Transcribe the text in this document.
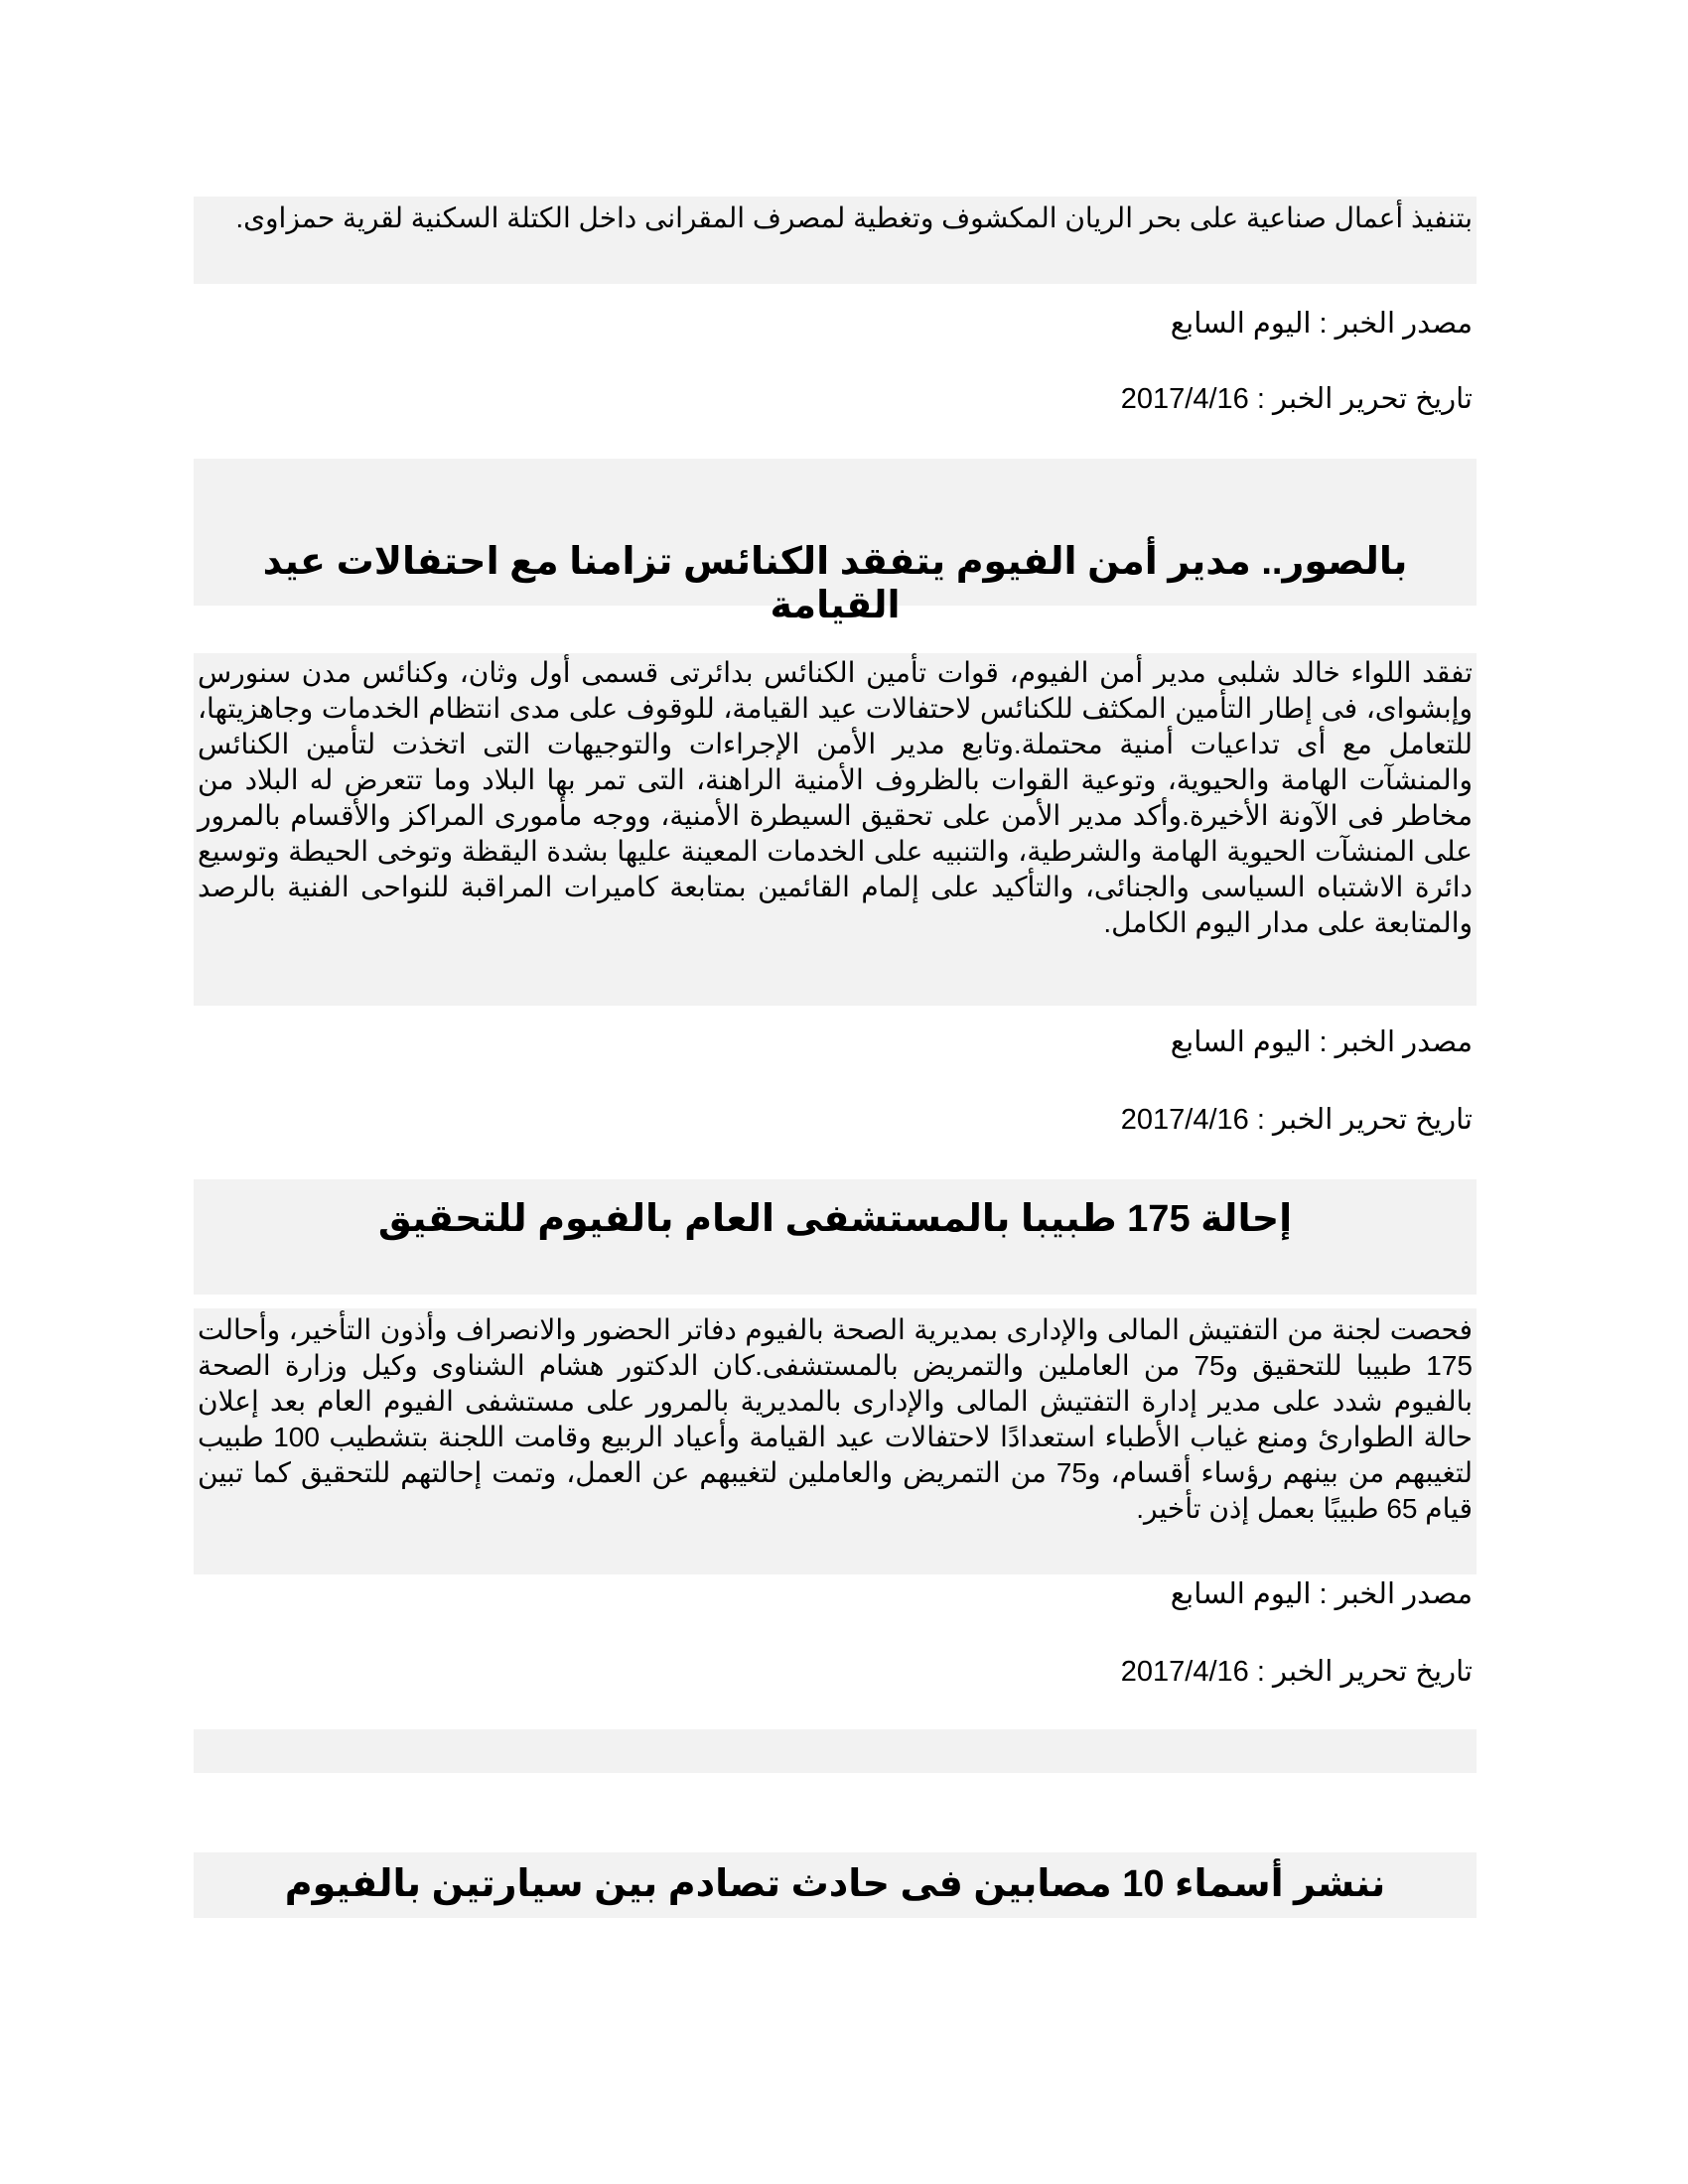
بتنفيذ أعمال صناعية على بحر الريان المكشوف وتغطية لمصرف المقرانى داخل الكتلة السكنية لقرية حمزاوى.
مصدر الخبر : اليوم السابع
تاريخ تحرير الخبر : 2017/4/16
بالصور.. مدير أمن الفيوم يتفقد الكنائس تزامنا مع احتفالات عيد القيامة
تفقد اللواء خالد شلبى مدير أمن الفيوم، قوات تأمين الكنائس بدائرتى قسمى أول وثان، وكنائس مدن سنورس وإبشواى، فى إطار التأمين المكثف للكنائس لاحتفالات عيد القيامة، للوقوف على مدى انتظام الخدمات وجاهزيتها، للتعامل مع أى تداعيات أمنية محتملة.وتابع مدير الأمن الإجراءات والتوجيهات التى اتخذت لتأمين الكنائس والمنشآت الهامة والحيوية، وتوعية القوات بالظروف الأمنية الراهنة، التى تمر بها البلاد وما تتعرض له البلاد من مخاطر فى الآونة الأخيرة.وأكد مدير الأمن على تحقيق السيطرة الأمنية، ووجه مأمورى المراكز والأقسام بالمرور على المنشآت الحيوية الهامة والشرطية، والتنبيه على الخدمات المعينة عليها بشدة اليقظة وتوخى الحيطة وتوسيع دائرة الاشتباه السياسى والجنائى، والتأكيد على إلمام القائمين بمتابعة كاميرات المراقبة للنواحى الفنية بالرصد والمتابعة على مدار اليوم الكامل.
مصدر الخبر : اليوم السابع
تاريخ تحرير الخبر : 2017/4/16
إحالة 175 طبيبا بالمستشفى العام بالفيوم للتحقيق
فحصت لجنة من التفتيش المالى والإدارى بمديرية الصحة بالفيوم دفاتر الحضور والانصراف وأذون التأخير، وأحالت 175 طبيبا للتحقيق و75 من العاملين والتمريض بالمستشفى.كان الدكتور هشام الشناوى وكيل وزارة الصحة بالفيوم شدد على مدير إدارة التفتيش المالى والإدارى بالمديرية بالمرور على مستشفى الفيوم العام بعد إعلان حالة الطوارئ ومنع غياب الأطباء استعدادًا لاحتفالات عيد القيامة وأعياد الربيع وقامت اللجنة بتشطيب 100 طبيب لتغيبهم من بينهم رؤساء أقسام، و75 من التمريض والعاملين لتغيبهم عن العمل، وتمت إحالتهم للتحقيق كما تبين قيام 65 طبيبًا بعمل إذن تأخير.
مصدر الخبر : اليوم السابع
تاريخ تحرير الخبر : 2017/4/16
ننشر أسماء 10 مصابين فى حادث تصادم بين سيارتين بالفيوم
